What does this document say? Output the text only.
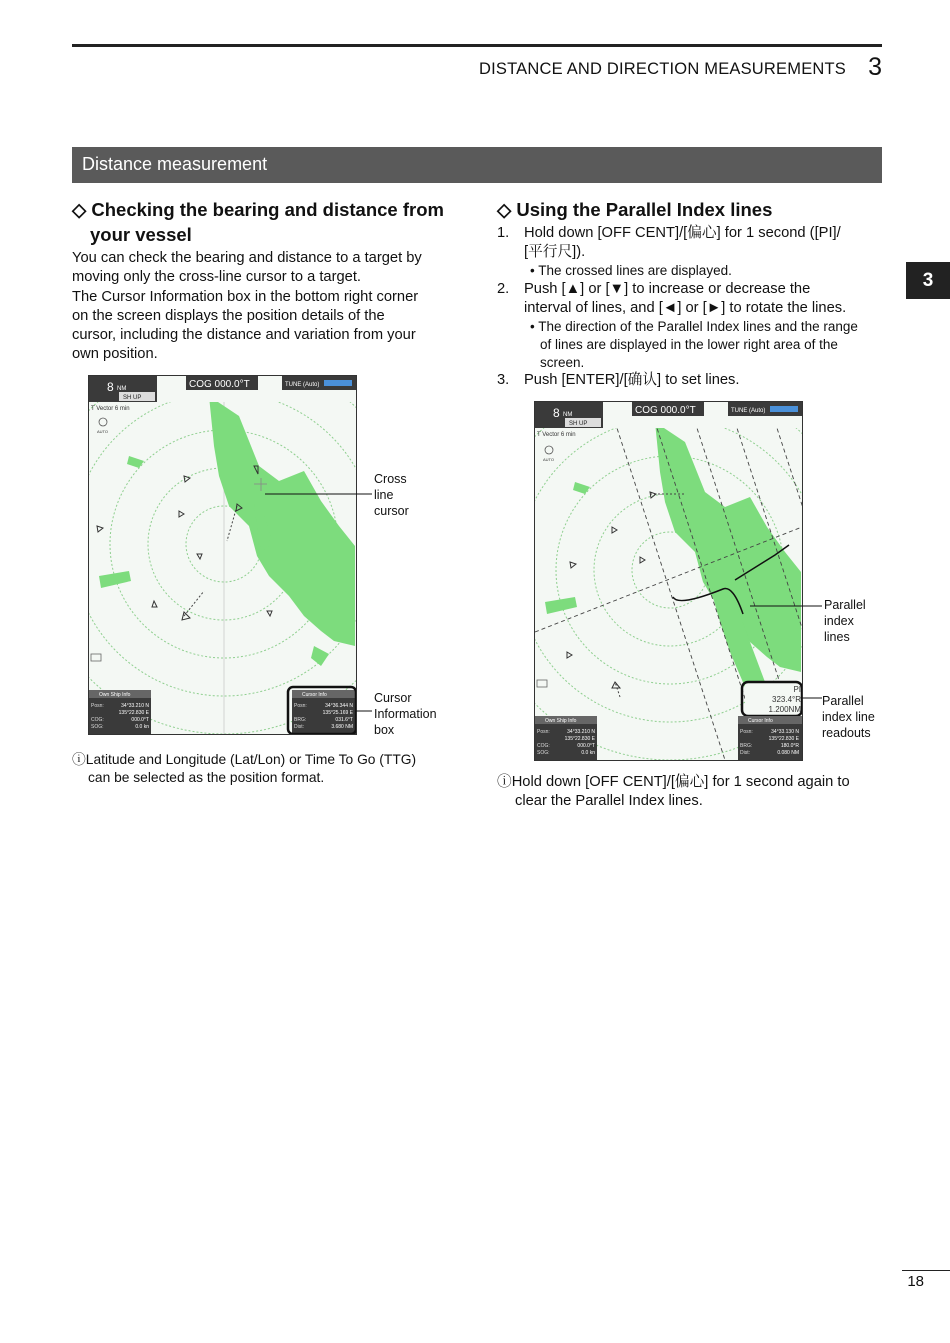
DISTANCE AND DIRECTION MEASUREMENTS 3
Distance measurement
3
◇ Checking the bearing and distance from
your vessel
You can check the bearing and distance to a target by
moving only the cross-line cursor to a target.
The Cursor Information box in the bottom right corner
on the screen displays the position details of the
cursor, including the distance and variation from your
own position.
8 NM
SH UP
COG 000.0°T	TUNE (Auto)
T Vector 6 min
AUTO
Own Ship Info
Posn:	34°33.210 N
135°22.830 E
COG:	000.0°T
SOG:	0.0 kn
Cursor Info
Posn:	34°36.344 N
135°25.169 E
BRG:	031.6°T
Dist:	3.680 NM
Cross
line
cursor
Cursor
Information
box
ⓘLatitude and Longitude (Lat/Lon) or Time To Go (TTG)
can be selected as the position format.
◇ Using the Parallel Index lines
1. Hold down [OFF CENT]/[偏心] for 1 second ([PI]/
[平行尺]).
• The crossed lines are displayed.
2. Push [▲] or [▼] to increase or decrease the
interval of lines, and [◄] or [►] to rotate the lines.
• The direction of the Parallel Index lines and the range
of lines are displayed in the lower right area of the
screen.
3. Push [ENTER]/[确认] to set lines.
8 NM
SH UP
COG 000.0°T	TUNE (Auto)
T Vector 6 min
AUTO
PI
323.4°R
1.200NM
Own Ship Info
Posn:	34°33.210 N
135°22.830 E
COG:	000.0°T
SOG:	0.0 kn
Cursor Info
Posn:	34°33.130 N
135°22.830 E
BRG:	180.0°R
Dist:	0.080 NM
Parallel
index
lines
Parallel
index line
readouts
ⓘHold down [OFF CENT]/[偏心] for 1 second again to
clear the Parallel Index lines.
18
